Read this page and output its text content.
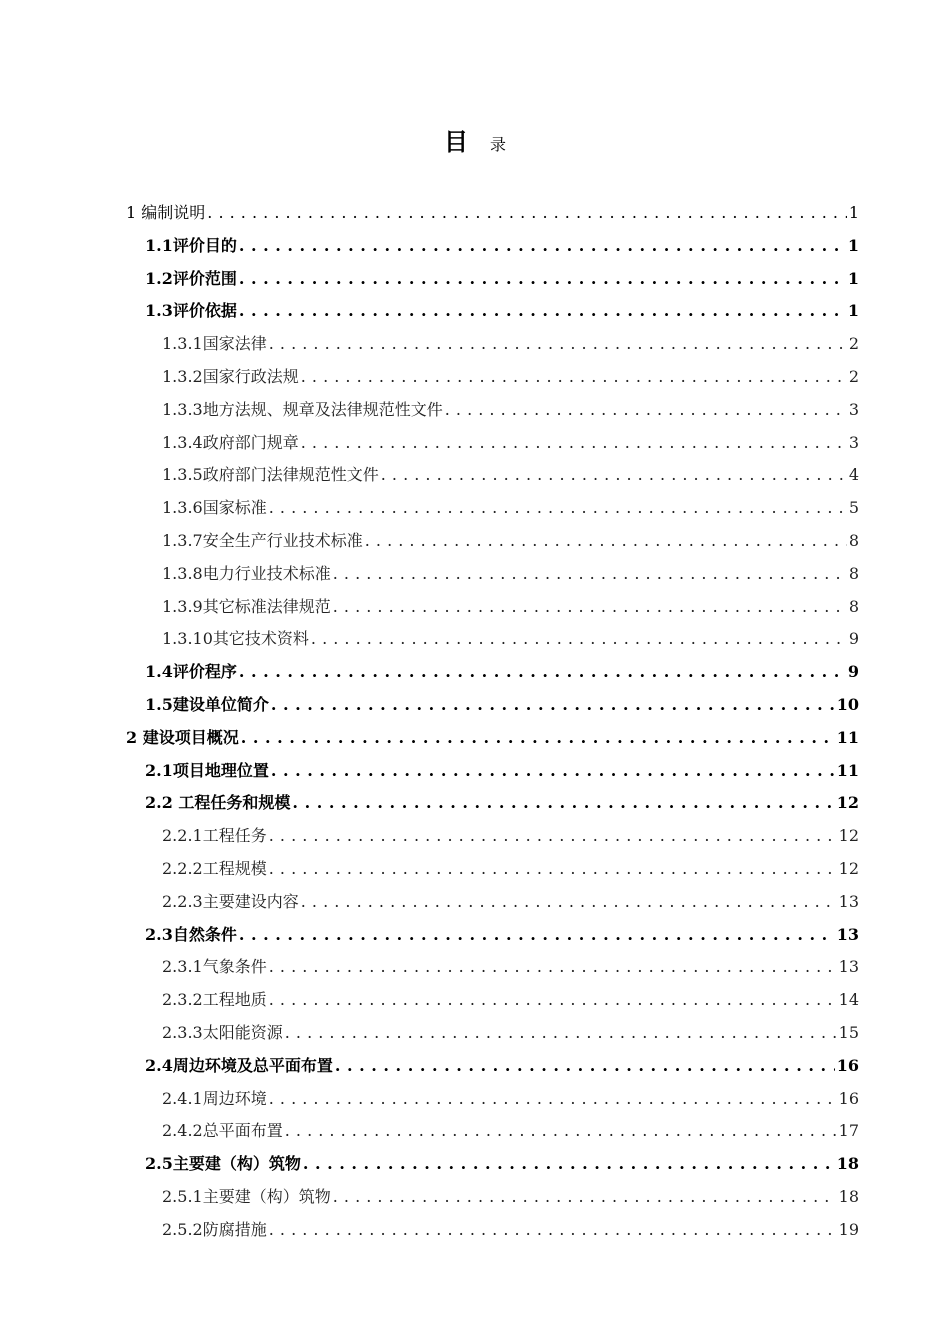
目 录
1 编制说明 . . .	1
1.1评价目的 . . .	1
1.2评价范围 . . .	1
1.3评价依据 . . .	1
1.3.1国家法律 . . .	2
1.3.2国家行政法规 . . .	2
1.3.3地方法规、规章及法律规范性文件 . . .	3
1.3.4政府部门规章 . . .	3
1.3.5政府部门法律规范性文件 . . .	4
1.3.6国家标准 . . .	5
1.3.7安全生产行业技术标准 . . .	8
1.3.8电力行业技术标准 . . .	8
1.3.9其它标准法律规范 . . .	8
1.3.10其它技术资料 . . .	9
1.4评价程序 . . .	9
1.5建设单位简介 . . .	10
2 建设项目概况 . . .	11
2.1项目地理位置 . . .	11
2.2 工程任务和规模 . . .	12
2.2.1工程任务 . . .	12
2.2.2工程规模 . . .	12
2.2.3主要建设内容 . . .	13
2.3自然条件 . . .	13
2.3.1气象条件 . . .	13
2.3.2工程地质 . . .	14
2.3.3太阳能资源 . . .	15
2.4周边环境及总平面布置 . . .	16
2.4.1周边环境 . . .	16
2.4.2总平面布置 . . .	17
2.5主要建（构）筑物 . . .	18
2.5.1主要建（构）筑物 . . .	18
2.5.2防腐措施 . . .	19
